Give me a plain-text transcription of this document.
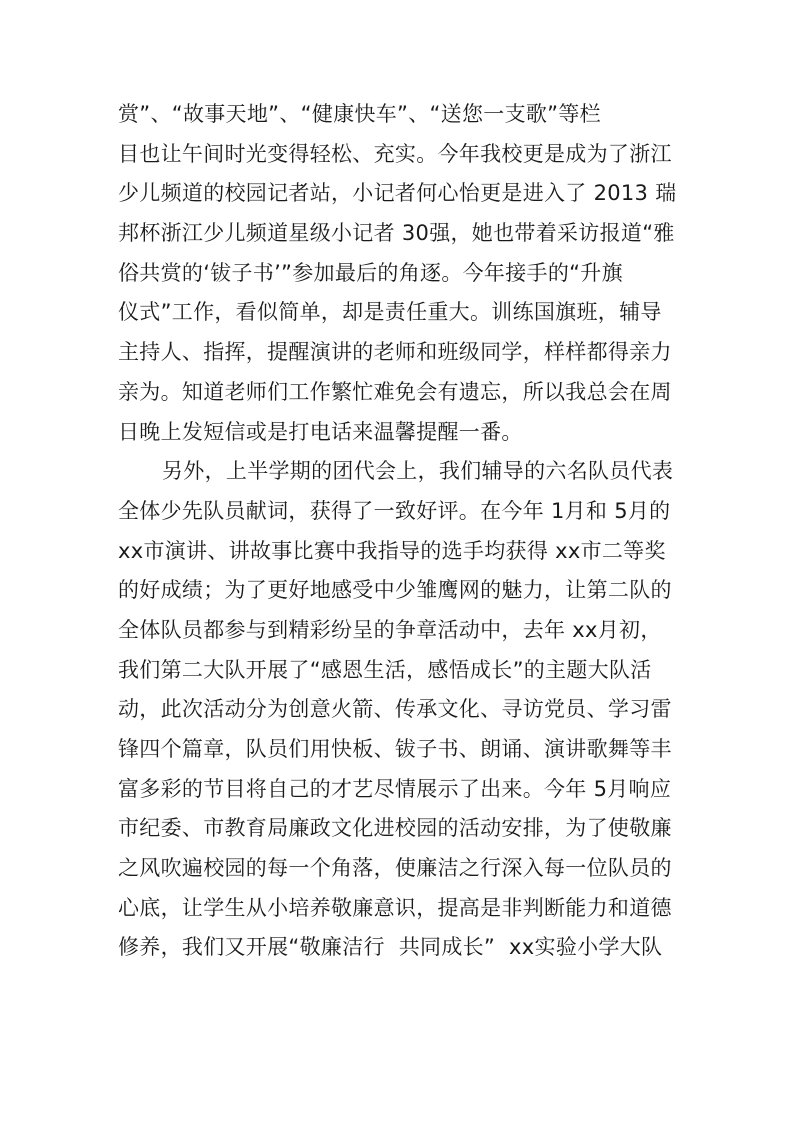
赏”、“故事天地”、“健康快车”、“送您一支歌”等栏
目也让午间时光变得轻松、充实。今年我校更是成为了浙江
少儿频道的校园记者站，小记者何心怡更是进入了 2013 瑞
邦杯浙江少儿频道星级小记者 30强，她也带着采访报道“雅
俗共赏的‘钹子书’”参加最后的角逐。今年接手的“升旗
仪式”工作，看似简单，却是责任重大。训练国旗班，辅导
主持人、指挥，提醒演讲的老师和班级同学，样样都得亲力
亲为。知道老师们工作繁忙难免会有遗忘，所以我总会在周
日晚上发短信或是打电话来温馨提醒一番。
另外，上半学期的团代会上，我们辅导的六名队员代表
全体少先队员献词，获得了一致好评。在今年 1月和 5月的
xx市演讲、讲故事比赛中我指导的选手均获得 xx市二等奖
的好成绩；为了更好地感受中少雏鹰网的魅力，让第二队的
全体队员都参与到精彩纷呈的争章活动中，去年 xx月初，
我们第二大队开展了“感恩生活，感悟成长”的主题大队活
动，此次活动分为创意火箭、传承文化、寻访党员、学习雷
锋四个篇章，队员们用快板、钹子书、朗诵、演讲歌舞等丰
富多彩的节目将自己的才艺尽情展示了出来。今年 5月响应
市纪委、市教育局廉政文化进校园的活动安排，为了使敬廉
之风吹遍校园的每一个角落，使廉洁之行深入每一位队员的
心底，让学生从小培养敬廉意识，提高是非判断能力和道德
修养，我们又开展“敬廉洁行  共同成长”  xx实验小学大队
